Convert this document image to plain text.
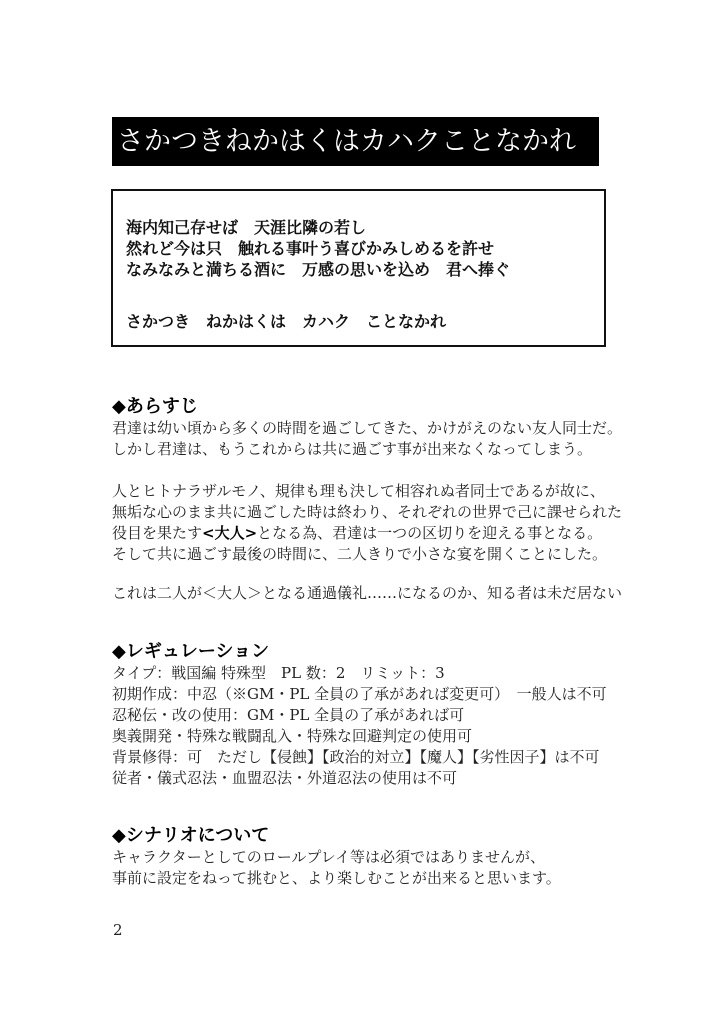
さかつきねかはくはカハクことなかれ
海内知己存せば　天涯比隣の若し
然れど今は只　触れる事叶う喜びかみしめるを許せ
なみなみと満ちる酒に　万感の思いを込め　君へ捧ぐ
さかつき　ねかはくは　カハク　ことなかれ
◆あらすじ
君達は幼い頃から多くの時間を過ごしてきた、かけがえのない友人同士だ。
しかし君達は、もうこれからは共に過ごす事が出来なくなってしまう。
人とヒトナラザルモノ、規律も理も決して相容れぬ者同士であるが故に、
無垢な心のまま共に過ごした時は終わり、それぞれの世界で己に課せられた
役目を果たす<大人>となる為、君達は一つの区切りを迎える事となる。
そして共に過ごす最後の時間に、二人きりで小さな宴を開くことにした。
これは二人が＜大人＞となる通過儀礼……になるのか、知る者は未だ居ない
◆レギュレーション
タイプ：戦国編 特殊型　PL 数：2　リミット：3
初期作成：中忍（※GM・PL 全員の了承があれば変更可）　一般人は不可
忍秘伝・改の使用：GM・PL 全員の了承があれば可
奥義開発・特殊な戦闘乱入・特殊な回避判定の使用可
背景修得：可　ただし【侵蝕】【政治的対立】【魔人】【劣性因子】は不可
従者・儀式忍法・血盟忍法・外道忍法の使用は不可
◆シナリオについて
キャラクターとしてのロールプレイ等は必須ではありませんが、
事前に設定をねって挑むと、より楽しむことが出来ると思います。
2
